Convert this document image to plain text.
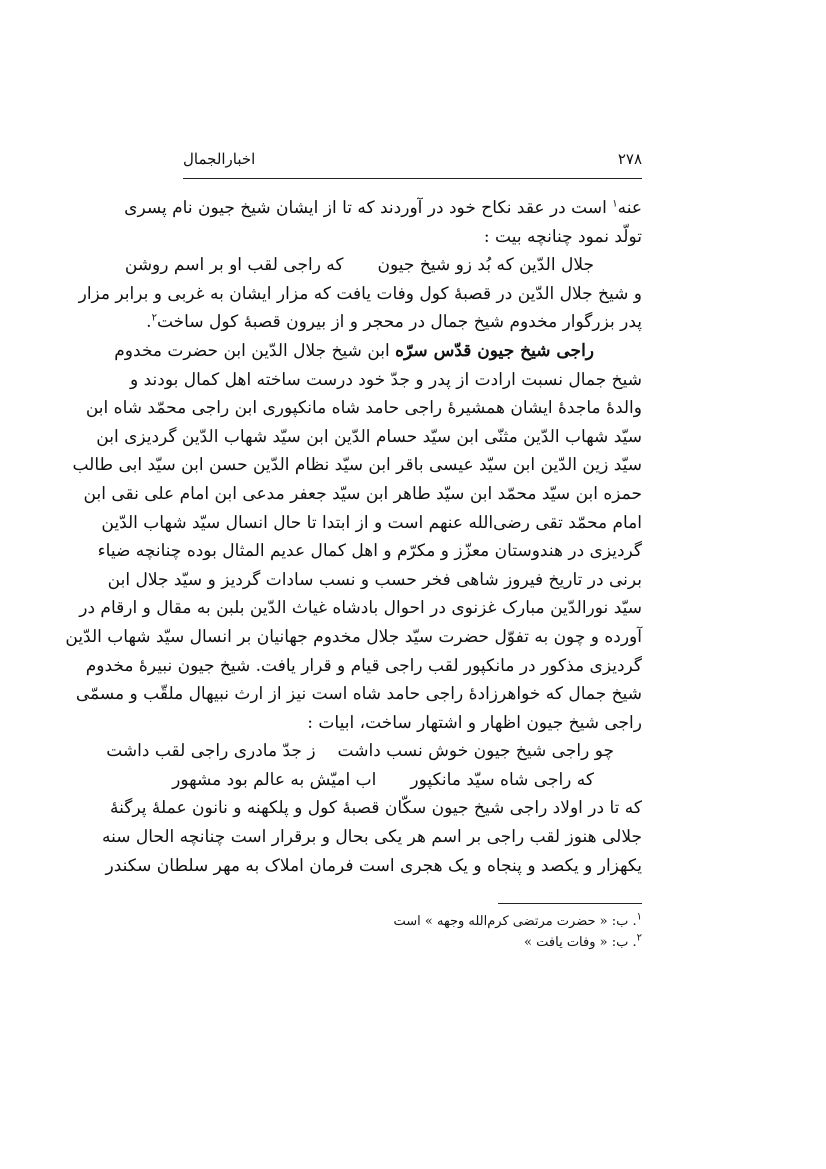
۲۷۸
اخبارالجمال
عنه$^۱$ است در عقد نکاح خود در آوردند که تا از ایشان شیخ جیون نام پسری
تولّد نمود چنانچه بیت :
جلال الدّین که بُد زو شیخ جیون
که راجی لقب او بر اسم روشن
و شیخ جلال الدّین در قصبهٔ کول وفات یافت که مزار ایشان به غربی و برابر مزار
پدر بزرگوار مخدوم شیخ جمال در محجر و از بیرون قصبهٔ کول ساخت$^۲$.
راجی شیخ جیون قدّس سرّه ابن شیخ جلال الدّین ابن حضرت مخدوم
شیخ جمال نسبت ارادت از پدر و جدّ خود درست ساخته اهل کمال بودند و
والدهٔ ماجدهٔ ایشان همشیرهٔ راجی حامد شاه مانکپوری ابن راجی محمّد شاه ابن
سیّد شهاب الدّین مثنّی ابن سیّد حسام الدّین ابن سیّد شهاب الدّین گردیزی ابن
سیّد زین الدّین ابن سیّد عیسی باقر ابن سیّد نظام الدّین حسن ابن سیّد ابی طالب
حمزه ابن سیّد محمّد ابن سیّد طاهر ابن سیّد جعفر مدعی ابن امام علی نقی ابن
امام محمّد تقی رضی‌الله عنهم است و از ابتدا تا حال انسال سیّد شهاب الدّین
گردیزی در هندوستان معزّز و مکرّم و اهل کمال عدیم المثال بوده چنانچه ضیاء
برنی در تاریخ فیروز شاهی فخر حسب و نسب سادات گردیز و سیّد جلال ابن
سیّد نورالدّین مبارک غزنوی در احوال بادشاه غیاث الدّین بلبن به مقال و ارقام در
آورده و چون به تفوّل حضرت سیّد جلال مخدوم جهانیان بر انسال سیّد شهاب الدّین
گردیزی مذکور در مانکپور لقب راجی قیام و قرار یافت. شیخ جیون نبیرهٔ مخدوم
شیخ جمال که خواهرزادهٔ راجی حامد شاه است نیز از ارث نبیهال ملقّب و مسمّی
راجی شیخ جیون اظهار و اشتهار ساخت، ابیات :
چو راجی شیخ جیون خوش نسب داشت
ز جدّ مادری راجی لقب داشت
که راجی شاه سیّد مانکپور
اب امیّش به عالم بود مشهور
که تا در اولاد راجی شیخ جیون سکّان قصبهٔ کول و پلکهنه و نانون عملهٔ پرگنهٔ
جلالی هنوز لقب راجی بر اسم هر یکی بحال و برقرار است چنانچه الحال سنه
یکهزار و یکصد و پنجاه و یک هجری است فرمان املاک به مهر سلطان سکندر
$^۱$. ب: « حضرت مرتضی کرم‌الله وجهه » است
$^۲$. ب: « وفات یافت »
